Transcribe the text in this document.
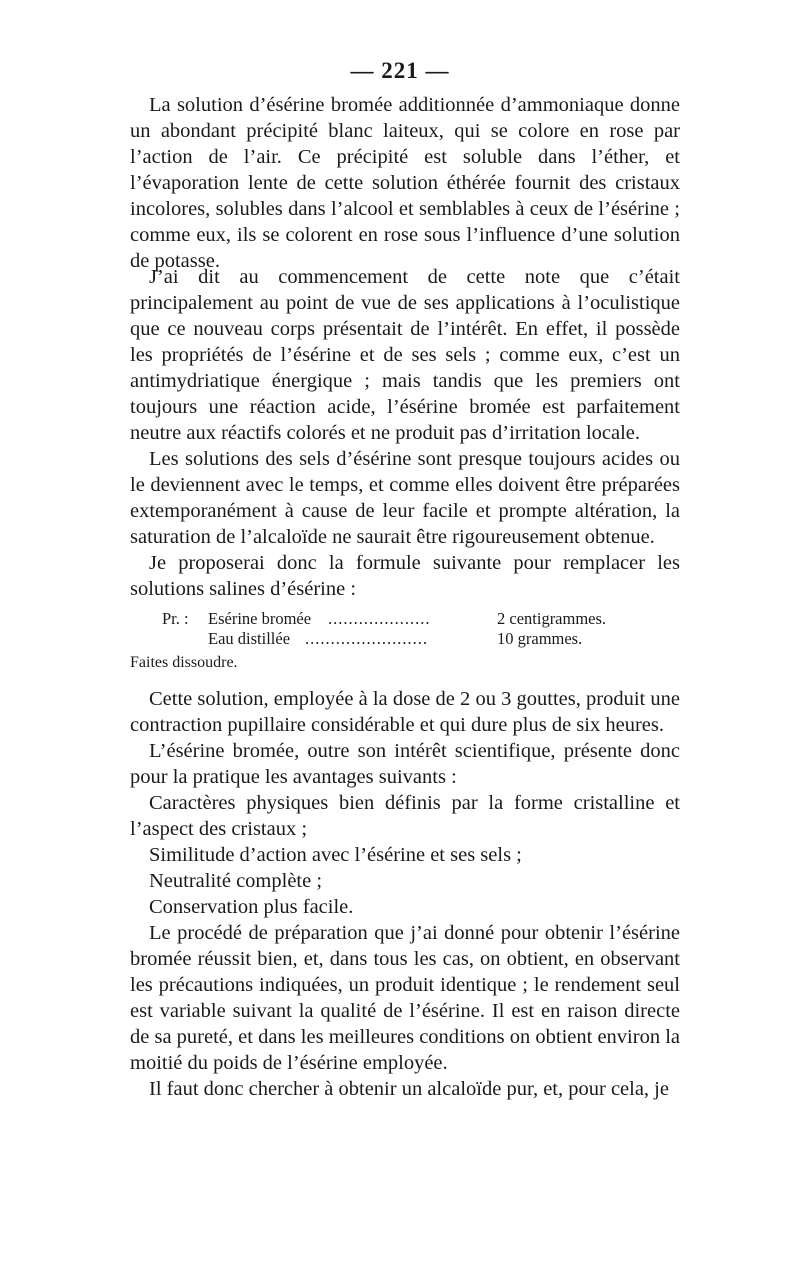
— 221 —

La solution d’ésérine bromée additionnée d’ammoniaque donne un abondant précipité blanc laiteux, qui se colore en rose par l’action de l’air. Ce précipité est soluble dans l’éther, et l’évaporation lente de cette solution éthérée fournit des cristaux incolores, solubles dans l’alcool et semblables à ceux de l’ésérine ; comme eux, ils se colorent en rose sous l’influence d’une solution de potasse.

J’ai dit au commencement de cette note que c’était principalement au point de vue de ses applications à l’oculistique que ce nouveau corps présentait de l’intérêt. En effet, il possède les propriétés de l’ésérine et de ses sels ; comme eux, c’est un antimydriatique énergique ; mais tandis que les premiers ont toujours une réaction acide, l’ésérine bromée est parfaitement neutre aux réactifs colorés et ne produit pas d’irritation locale.

Les solutions des sels d’ésérine sont presque toujours acides ou le deviennent avec le temps, et comme elles doivent être préparées extemporanément à cause de leur facile et prompte altération, la saturation de l’alcaloïde ne saurait être rigoureusement obtenue.

Je proposerai donc la formule suivante pour remplacer les solutions salines d’ésérine :

Pr. : Esérine bromée ....................	2 centigrammes.
Eau distillée ........................	10 grammes.
Faites dissoudre.

Cette solution, employée à la dose de 2 ou 3 gouttes, produit une contraction pupillaire considérable et qui dure plus de six heures.

L’ésérine bromée, outre son intérêt scientifique, présente donc pour la pratique les avantages suivants :

Caractères physiques bien définis par la forme cristalline et l’aspect des cristaux ;

Similitude d’action avec l’ésérine et ses sels ;

Neutralité complète ;

Conservation plus facile.

Le procédé de préparation que j’ai donné pour obtenir l’ésérine bromée réussit bien, et, dans tous les cas, on obtient, en observant les précautions indiquées, un produit identique ; le rendement seul est variable suivant la qualité de l’ésérine. Il est en raison directe de sa pureté, et dans les meilleures conditions on obtient environ la moitié du poids de l’ésérine employée.

Il faut donc chercher à obtenir un alcaloïde pur, et, pour cela, je
